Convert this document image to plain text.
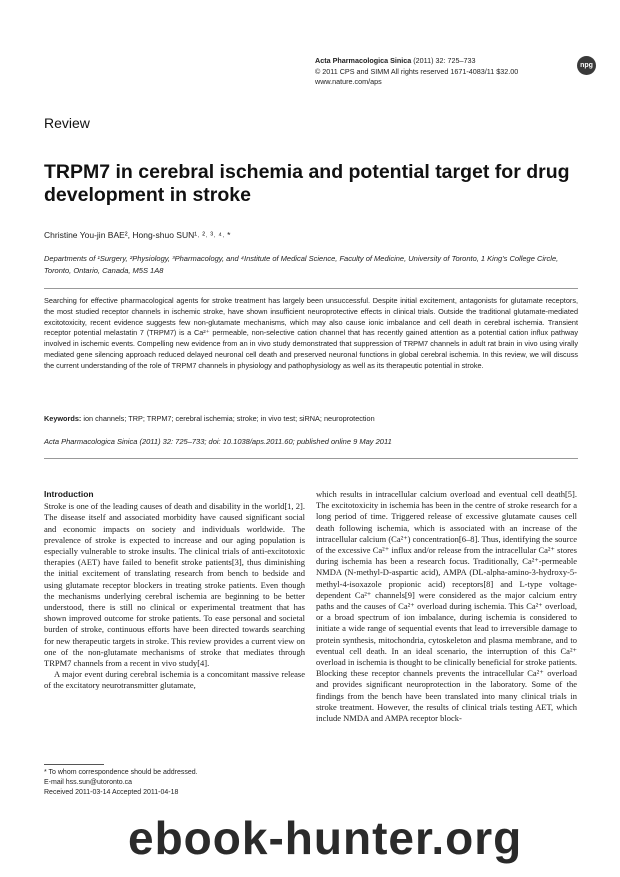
Acta Pharmacologica Sinica (2011) 32: 725–733
© 2011 CPS and SIMM All rights reserved 1671-4083/11 $32.00
www.nature.com/aps
npg
Review
TRPM7 in cerebral ischemia and potential target for drug development in stroke
Christine You-jin BAE², Hong-shuo SUN¹˒ ²˒ ³˒ ⁴˒ *
Departments of ¹Surgery, ²Physiology, ³Pharmacology, and ⁴Institute of Medical Science, Faculty of Medicine, University of Toronto, 1 King's College Circle, Toronto, Ontario, Canada, M5S 1A8

Searching for effective pharmacological agents for stroke treatment has largely been unsuccessful. Despite initial excitement, antagonists for glutamate receptors, the most studied receptor channels in ischemic stroke, have shown insufficient neuroprotective effects in clinical trials. Outside the traditional glutamate-mediated excitotoxicity, recent evidence suggests few non-glutamate mechanisms, which may also cause ionic imbalance and cell death in cerebral ischemia. Transient receptor potential melastatin 7 (TRPM7) is a Ca²⁺ permeable, non-selective cation channel that has recently gained attention as a potential cation influx pathway involved in ischemic events. Compelling new evidence from an in vivo study demonstrated that suppression of TRPM7 channels in adult rat brain in vivo using virally mediated gene silencing approach reduced delayed neuronal cell death and preserved neuronal functions in global cerebral ischemia. In this review, we will discuss the current understanding of the role of TRPM7 channels in physiology and pathophysiology as well as its therapeutic potential in stroke.

Keywords: ion channels; TRP; TRPM7; cerebral ischemia; stroke; in vivo test; siRNA; neuroprotection
Acta Pharmacologica Sinica (2011) 32: 725–733; doi: 10.1038/aps.2011.60; published online 9 May 2011
Introduction

Stroke is one of the leading causes of death and disability in the world[1, 2]. The disease itself and associated morbidity have caused significant social and economic impacts on society and individuals worldwide. The prevalence of stroke is expected to increase and our aging population is especially vulnerable to stroke insults. The clinical trials of anti-excitotoxic therapies (AET) have failed to benefit stroke patients[3], thus diminishing the initial excitement of translating research from bench to bedside and using glutamate receptor blockers in treating stroke patients. Even though the mechanisms underlying cerebral ischemia are beginning to be better understood, there is still no clinical or experimental treatment that has shown improved outcome for stroke patients. To ease personal and societal burden of stroke, continuous efforts have been directed towards searching for new therapeutic targets in stroke. This review provides a current view on one of the non-glutamate mechanisms of stroke that mediates through TRPM7 channels from a recent in vivo study[4].

A major event during cerebral ischemia is a concomitant massive release of the excitatory neurotransmitter glutamate,

which results in intracellular calcium overload and eventual cell death[5]. The excitotoxicity in ischemia has been in the centre of stroke research for a long period of time. Triggered release of excessive glutamate causes cell death following ischemia, which is associated with an increase of the intracellular calcium (Ca²⁺) concentration[6–8]. Thus, identifying the source of the excessive Ca²⁺ influx and/or release from the intracellular Ca²⁺ stores during ischemia has been a research focus. Traditionally, Ca²⁺-permeable NMDA (N-methyl-D-aspartic acid), AMPA (DL-alpha-amino-3-hydroxy-5-methyl-4-isoxazole propionic acid) receptors[8] and L-type voltage-dependent Ca²⁺ channels[9] were considered as the major calcium entry paths and the causes of Ca²⁺ overload during ischemia. This Ca²⁺ overload, or a broad spectrum of ion imbalance, during ischemia is considered to initiate a wide range of sequential events that lead to irreversible damage to protein synthesis, mitochondria, cytoskeleton and plasma membrane, and to eventual cell death. In an ideal scenario, the interruption of this Ca²⁺ overload in ischemia is thought to be clinically beneficial for stroke patients. Blocking these receptor channels prevents the intracellular Ca²⁺ overload and provides significant neuroprotection in the laboratory. Some of the findings from the bench have been translated into many clinical trials in stroke treatment. However, the results of clinical trials testing AET, which include NMDA and AMPA receptor block-

* To whom correspondence should be addressed.
E-mail hss.sun@utoronto.ca
Received 2011-03-14 Accepted 2011-04-18
ebook-hunter.org
